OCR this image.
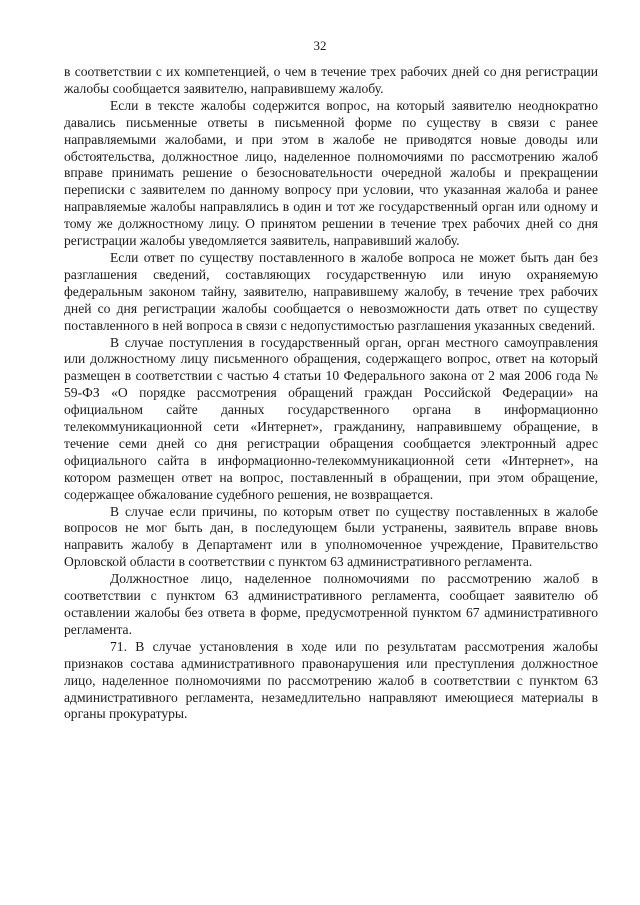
32

в соответствии с их компетенцией, о чем в течение трех рабочих дней со дня регистрации жалобы сообщается заявителю, направившему жалобу.

Если в тексте жалобы содержится вопрос, на который заявителю неоднократно давались письменные ответы в письменной форме по существу в связи с ранее направляемыми жалобами, и при этом в жалобе не приводятся новые доводы или обстоятельства, должностное лицо, наделенное полномочиями по рассмотрению жалоб вправе принимать решение о безосновательности очередной жалобы и прекращении переписки с заявителем по данному вопросу при условии, что указанная жалоба и ранее направляемые жалобы направлялись в один и тот же государственный орган или одному и тому же должностному лицу. О принятом решении в течение трех рабочих дней со дня регистрации жалобы уведомляется заявитель, направивший жалобу.

Если ответ по существу поставленного в жалобе вопроса не может быть дан без разглашения сведений, составляющих государственную или иную охраняемую федеральным законом тайну, заявителю, направившему жалобу, в течение трех рабочих дней со дня регистрации жалобы сообщается о невозможности дать ответ по существу поставленного в ней вопроса в связи с недопустимостью разглашения указанных сведений.

В случае поступления в государственный орган, орган местного самоуправления или должностному лицу письменного обращения, содержащего вопрос, ответ на который размещен в соответствии с частью 4 статьи 10 Федерального закона от 2 мая 2006 года № 59-ФЗ «О порядке рассмотрения обращений граждан Российской Федерации» на официальном сайте данных государственного органа в информационно телекоммуникационной сети «Интернет», гражданину, направившему обращение, в течение семи дней со дня регистрации обращения сообщается электронный адрес официального сайта в информационно-телекоммуникационной сети «Интернет», на котором размещен ответ на вопрос, поставленный в обращении, при этом обращение, содержащее обжалование судебного решения, не возвращается.

В случае если причины, по которым ответ по существу поставленных в жалобе вопросов не мог быть дан, в последующем были устранены, заявитель вправе вновь направить жалобу в Департамент или в уполномоченное учреждение, Правительство Орловской области в соответствии с пунктом 63 административного регламента.

Должностное лицо, наделенное полномочиями по рассмотрению жалоб в соответствии с пунктом 63 административного регламента, сообщает заявителю об оставлении жалобы без ответа в форме, предусмотренной пунктом 67 административного регламента.

71. В случае установления в ходе или по результатам рассмотрения жалобы признаков состава административного правонарушения или преступления должностное лицо, наделенное полномочиями по рассмотрению жалоб в соответствии с пунктом 63 административного регламента, незамедлительно направляют имеющиеся материалы в органы прокуратуры.
